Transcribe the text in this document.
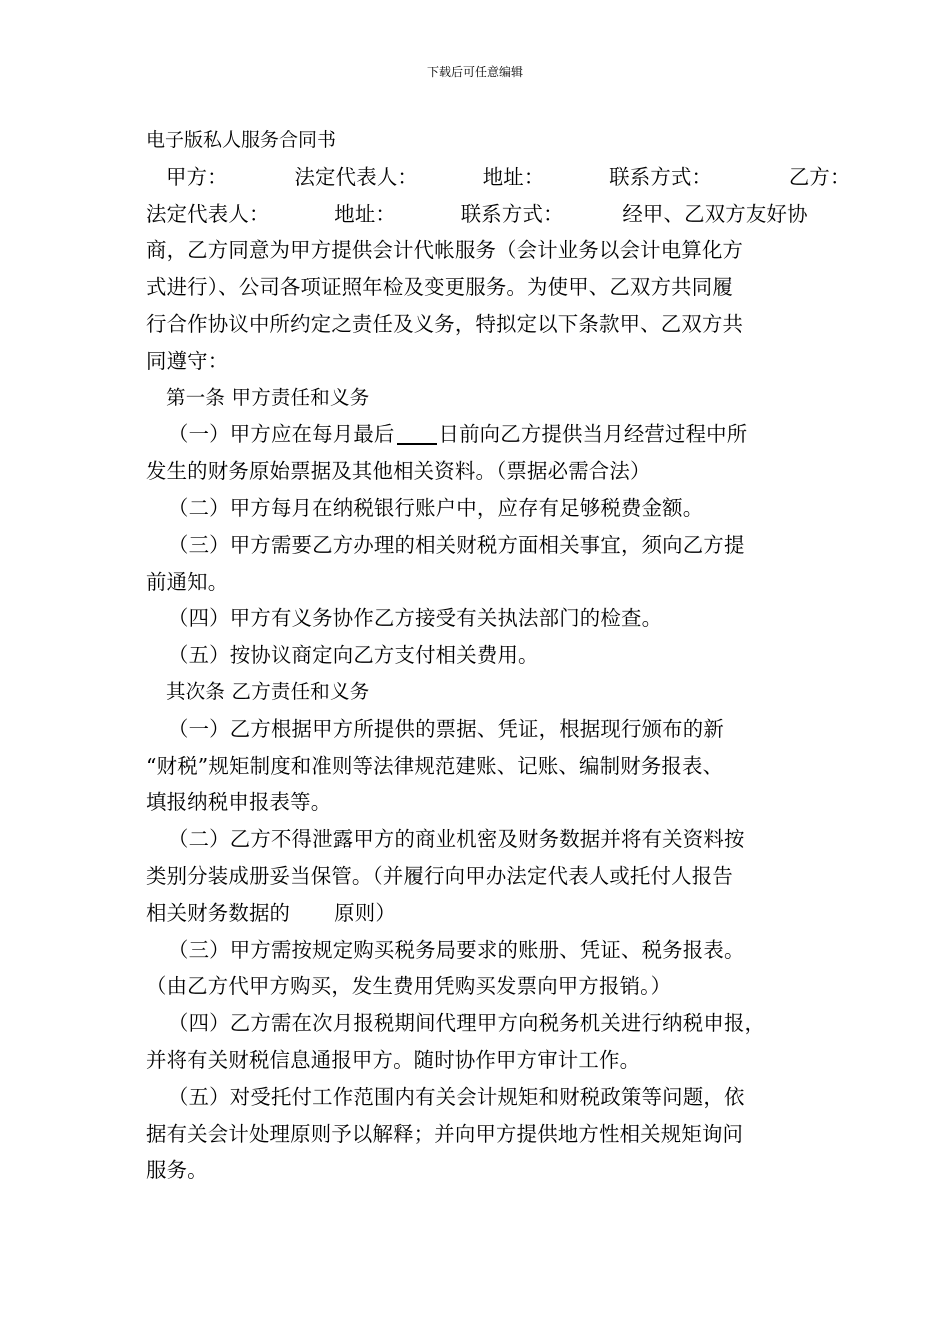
下载后可任意编辑
电子版私人服务合同书
甲方：	法定代表人：	地址：	联系方式：	乙方：
法定代表人：	地址：	联系方式：	经甲、乙双方友好协
商，乙方同意为甲方提供会计代帐服务（会计业务以会计电算化方
式进行）、公司各项证照年检及变更服务。为使甲、乙双方共同履
行合作协议中所约定之责任及义务，特拟定以下条款甲、乙双方共
同遵守：
第一条 甲方责任和义务
（一）甲方应在每月最后 日前向乙方提供当月经营过程中所
发生的财务原始票据及其他相关资料。（票据必需合法）
（二）甲方每月在纳税银行账户中，应存有足够税费金额。
（三）甲方需要乙方办理的相关财税方面相关事宜，须向乙方提
前通知。
（四）甲方有义务协作乙方接受有关执法部门的检查。
（五）按协议商定向乙方支付相关费用。
其次条 乙方责任和义务
（一）乙方根据甲方所提供的票据、凭证，根据现行颁布的新
“财税”规矩制度和准则等法律规范建账、记账、编制财务报表、
填报纳税申报表等。
（二）乙方不得泄露甲方的商业机密及财务数据并将有关资料按
类别分装成册妥当保管。（并履行向甲办法定代表人或托付人报告
相关财务数据的 原则）
（三）甲方需按规定购买税务局要求的账册、凭证、税务报表。
（由乙方代甲方购买，发生费用凭购买发票向甲方报销。）
（四）乙方需在次月报税期间代理甲方向税务机关进行纳税申报，
并将有关财税信息通报甲方。随时协作甲方审计工作。
（五）对受托付工作范围内有关会计规矩和财税政策等问题，依
据有关会计处理原则予以解释；并向甲方提供地方性相关规矩询问
服务。
